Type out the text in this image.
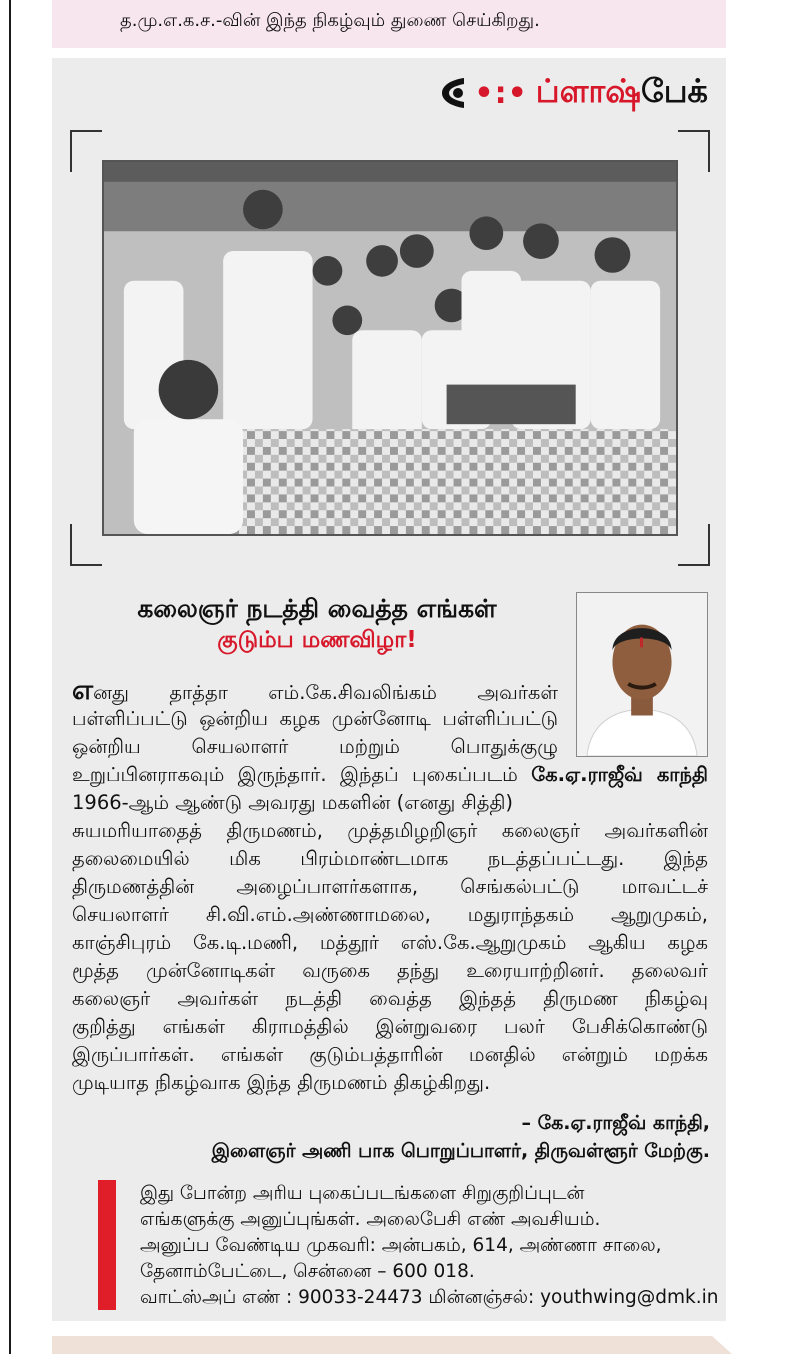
த.மு.எ.க.ச.-வின் இந்த நிகழ்வும் துணை செய்கிறது.
•:• ப்ளாஷ்பேக்
கலைஞர் நடத்தி வைத்த எங்கள்
குடும்ப மணவிழா!
எனது தாத்தா எம்.கே.சிவலிங்கம் அவர்கள்
பள்ளிப்பட்டு ஒன்றிய கழக முன்னோடி பள்ளிப்பட்டு
ஒன்றிய செயலாளர் மற்றும் பொதுக்குழு
உறுப்பினராகவும் இருந்தார். இந்தப் புகைப்படம் கே.ஏ.ராஜீவ் காந்தி
1966-ஆம் ஆண்டு அவரது மகளின் (எனது சித்தி)
சுயமரியாதைத் திருமணம், முத்தமிழறிஞர் கலைஞர் அவர்களின்
தலைமையில் மிக பிரம்மாண்டமாக நடத்தப்பட்டது. இந்த
திருமணத்தின் அழைப்பாளர்களாக, செங்கல்பட்டு மாவட்டச்
செயலாளர் சி.வி.எம்.அண்ணாமலை, மதுராந்தகம் ஆறுமுகம்,
காஞ்சிபுரம் கே.டி.மணி, மத்தூர் எஸ்.கே.ஆறுமுகம் ஆகிய கழக
மூத்த முன்னோடிகள் வருகை தந்து உரையாற்றினர். தலைவர்
கலைஞர் அவர்கள் நடத்தி வைத்த இந்தத் திருமண நிகழ்வு
குறித்து எங்கள் கிராமத்தில் இன்றுவரை பலர் பேசிக்கொண்டு
இருப்பார்கள். எங்கள் குடும்பத்தாரின் மனதில் என்றும் மறக்க
முடியாத நிகழ்வாக இந்த திருமணம் திகழ்கிறது.
– கே.ஏ.ராஜீவ் காந்தி,
இளைஞர் அணி பாக பொறுப்பாளர், திருவள்ளூர் மேற்கு.
இது போன்ற அரிய புகைப்படங்களை சிறுகுறிப்புடன்
எங்களுக்கு அனுப்புங்கள். அலைபேசி எண் அவசியம்.
அனுப்ப வேண்டிய முகவரி: அன்பகம், 614, அண்ணா சாலை,
தேனாம்பேட்டை, சென்னை – 600 018.
வாட்ஸ்அப் எண் : 90033-24473 மின்னஞ்சல்: youthwing@dmk.in
